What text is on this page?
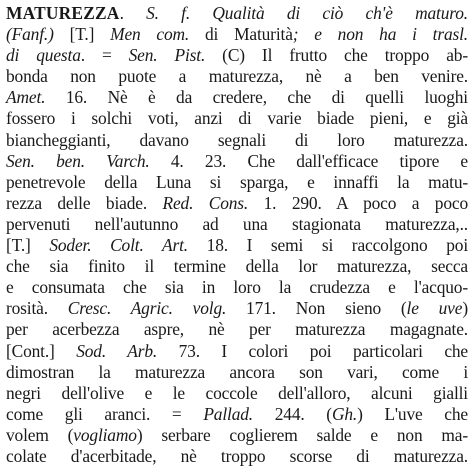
MATUREZZA. S. f. Qualità di ciò ch'è maturo.
(Fanf.) [T.] Men com. di Maturità; e non ha i trasl.
di questa. = Sen. Pist. (C) Il frutto che troppo ab-
bonda non puote a maturezza, nè a ben venire.
Amet. 16. Nè è da credere, che di quelli luoghi
fossero i solchi voti, anzi di varie biade pieni, e già
biancheggianti, davano segnali di loro maturezza.
Sen. ben. Varch. 4. 23. Che dall'efficace tipore e
penetrevole della Luna si sparga, e innaffi la matu-
rezza delle biade. Red. Cons. 1. 290. A poco a poco
pervenuti nell'autunno ad una stagionata maturezza,..
[T.] Soder. Colt. Art. 18. I semi si raccolgono poi
che sia finito il termine della lor maturezza, secca
e consumata che sia in loro la crudezza e l'acquo-
rosità. Cresc. Agric. volg. 171. Non sieno (le uve)
per acerbezza aspre, nè per maturezza magagnate.
[Cont.] Sod. Arb. 73. I colori poi particolari che
dimostran la maturezza ancora son vari, come i
negri dell'olive e le coccole dell'alloro, alcuni gialli
come gli aranci. = Pallad. 244. (Gh.) L'uve che
volem (vogliamo) serbare coglierem salde e non ma-
colate d'acerbitade, nè troppo scorse di maturezza.
